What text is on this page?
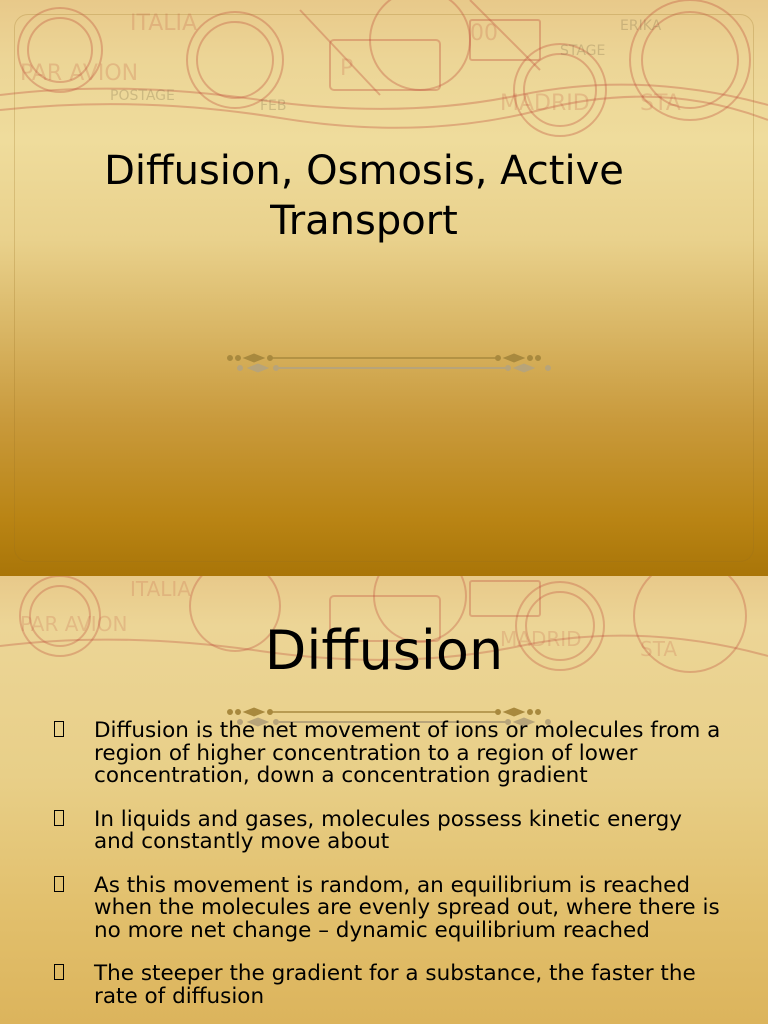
PAR AVION
ITALIA
P
00
MADRID STA
POSTAGE
FEB
STAGE
ERIKA
Diffusion, Osmosis, Active Transport
PAR AVION
ITALIA
MADRID	STA
Diffusion
Diffusion is the net movement of ions or molecules from a region of higher concentration to a region of lower concentration, down a concentration gradient
In liquids and gases, molecules possess kinetic energy and constantly move about
As this movement is random, an equilibrium is reached when the molecules are evenly spread out, where there is no more net change – dynamic equilibrium reached
The steeper the gradient for a substance, the faster the rate of diffusion
